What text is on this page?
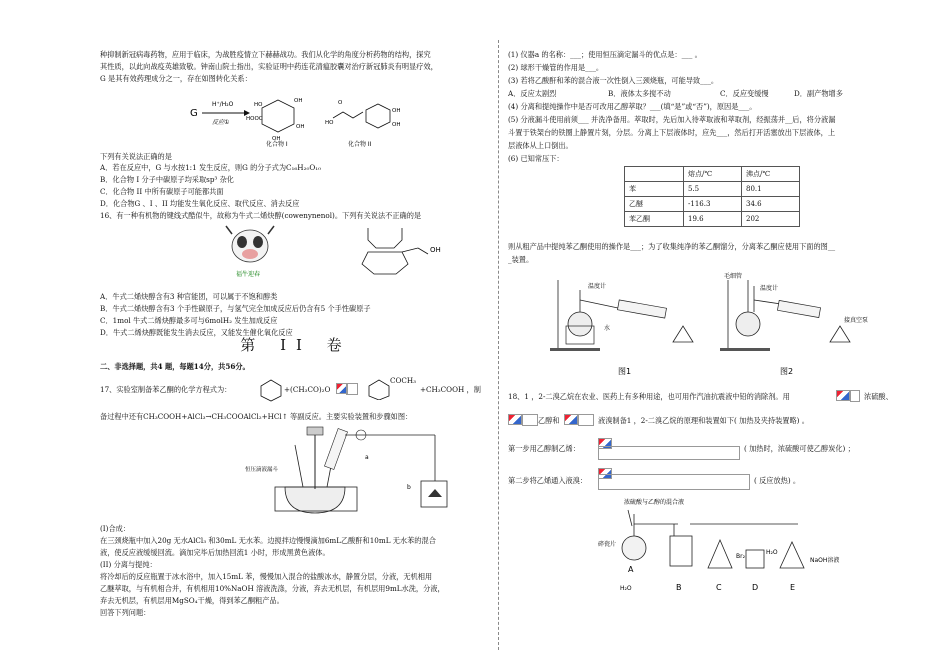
种抑制新冠病毒药物，应用于临床，为战胜疫情立下赫赫战功。我们从化学的角度分析药物的结构，探究

其性质，以此向战疫英雄致敬。钟南山院士指出，实验证明中药连花清瘟胶囊对治疗新冠肺炎有明显疗效，

G 是其有效药理成分之一，存在如图转化关系：

G
H⁺/H₂O
反应①
HO
OH
OH
OH
HOOC
化合物 I
HO
O
OH
OH
化合物 II

下列有关说法正确的是

A．若在反应中，G 与水按1:1 发生反应，则G 的分子式为C₁₆H₂₀O₁₀

B．化合物 I 分子中碳原子均采取sp³ 杂化

C．化合物 II 中所有碳原子可能都共面

D．化合物G 、I 、II 均能发生氧化反应、取代反应、消去反应

16、有一种有机物的键线式酷似牛，故称为牛式二烯炔醇(cowenynenol)。下列有关说法不正确的是

福牛迎春
OH

A．牛式二烯炔醇含有3 种官能团，可以属于不饱和醇类

B．牛式二烯炔醇含有3 个手性碳原子，与氢气完全加成反应后仍含有5 个手性碳原子

C．1mol 牛式二烯炔醇最多可与6molH₂ 发生加成反应

D．牛式二烯炔醇既能发生消去反应，又能发生催化氧化反应

第 II 卷

二、非选择题，共4 题，每题14分，共56分。

17、实验室制备苯乙酮的化学方程式为：	+(CH₃CO)₂O
COCH₃
+CH₃COOH ，制

备过程中还有CH₃COOH+AlCl₃→CH₃COOAlCl₂+HCl↑ 等副反应。主要实验装置和步骤如图：

恒压滴液漏斗
a
b

(I)合成：

在三颈烧瓶中加入20g 无水AlCl₃ 和30mL 无水苯。边搅拌边慢慢滴加6mL乙酸酐和10mL 无水苯的混合

液，使反应液缓缓回流。滴加完毕后加热回流1 小时，形成黑黄色液体。

(II) 分离与提纯：

将冷却后的反应瓶置于冰水浴中，加入15mL 苯，慢慢加入混合的盐酸冰水，静置分层，分液，无机相用

乙醚萃取，与有机相合并，有机相用10%NaOH 溶液洗涤，分液，弃去无机层，有机层用9mL水洗，分液，

弃去无机层，有机层用MgSO₄干燥，得到苯乙酮粗产品。

回答下列问题：

(1) 仪器a 的名称：___；使用恒压滴定漏斗的优点是：___ 。

(2) 球形干燥管的作用是___。

(3) 若将乙酸酐和苯的混合液一次性倒入三颈烧瓶，可能导致___。

A．反应太剧烈	B．液体太多搅不动	C．反应变缓慢	D．副产物增多

(4) 分离和提纯操作中是否可改用乙醇萃取？___(填“是”或“否”)，原因是___。

(5) 分液漏斗使用前须___ 并洗净备用。萃取时，先后加入待萃取液和萃取剂，经振荡并__后，将分液漏

斗置于铁架台的铁圈上静置片刻，分层。分离上下层液体时，应先___，然后打开活塞放出下层液体，上

层液体从上口倒出。

(6) 已知常压下：

	熔点/℃	沸点/℃
苯	5.5	80.1
乙醚	-116.3	34.6
苯乙酮	19.6	202

则从粗产品中提纯苯乙酮使用的操作是___；为了收集纯净的苯乙酮馏分，分离苯乙酮应使用下面的图__

_装置。

温度计
水
图1
毛细管
温度计
接真空泵
图2
18、1 ，2-二溴乙烷在农业、医药上有多种用途，也可用作汽油抗震液中铅的消除剂。用	浓硫酸、
乙醇和	液溴制备1 ，2-二溴乙烷的原理和装置如下( 加热及夹持装置略) 。
第一步用乙醇制乙烯：	( 加热时，浓硫酸可使乙醇炭化) ；
第二步将乙烯通入液溴：	( 反应放热) 。
浓硫酸与乙醇的混合液
碎瓷片
A
H₂O	B	C
Br₂
H₂O
D
NaOH溶液
E
